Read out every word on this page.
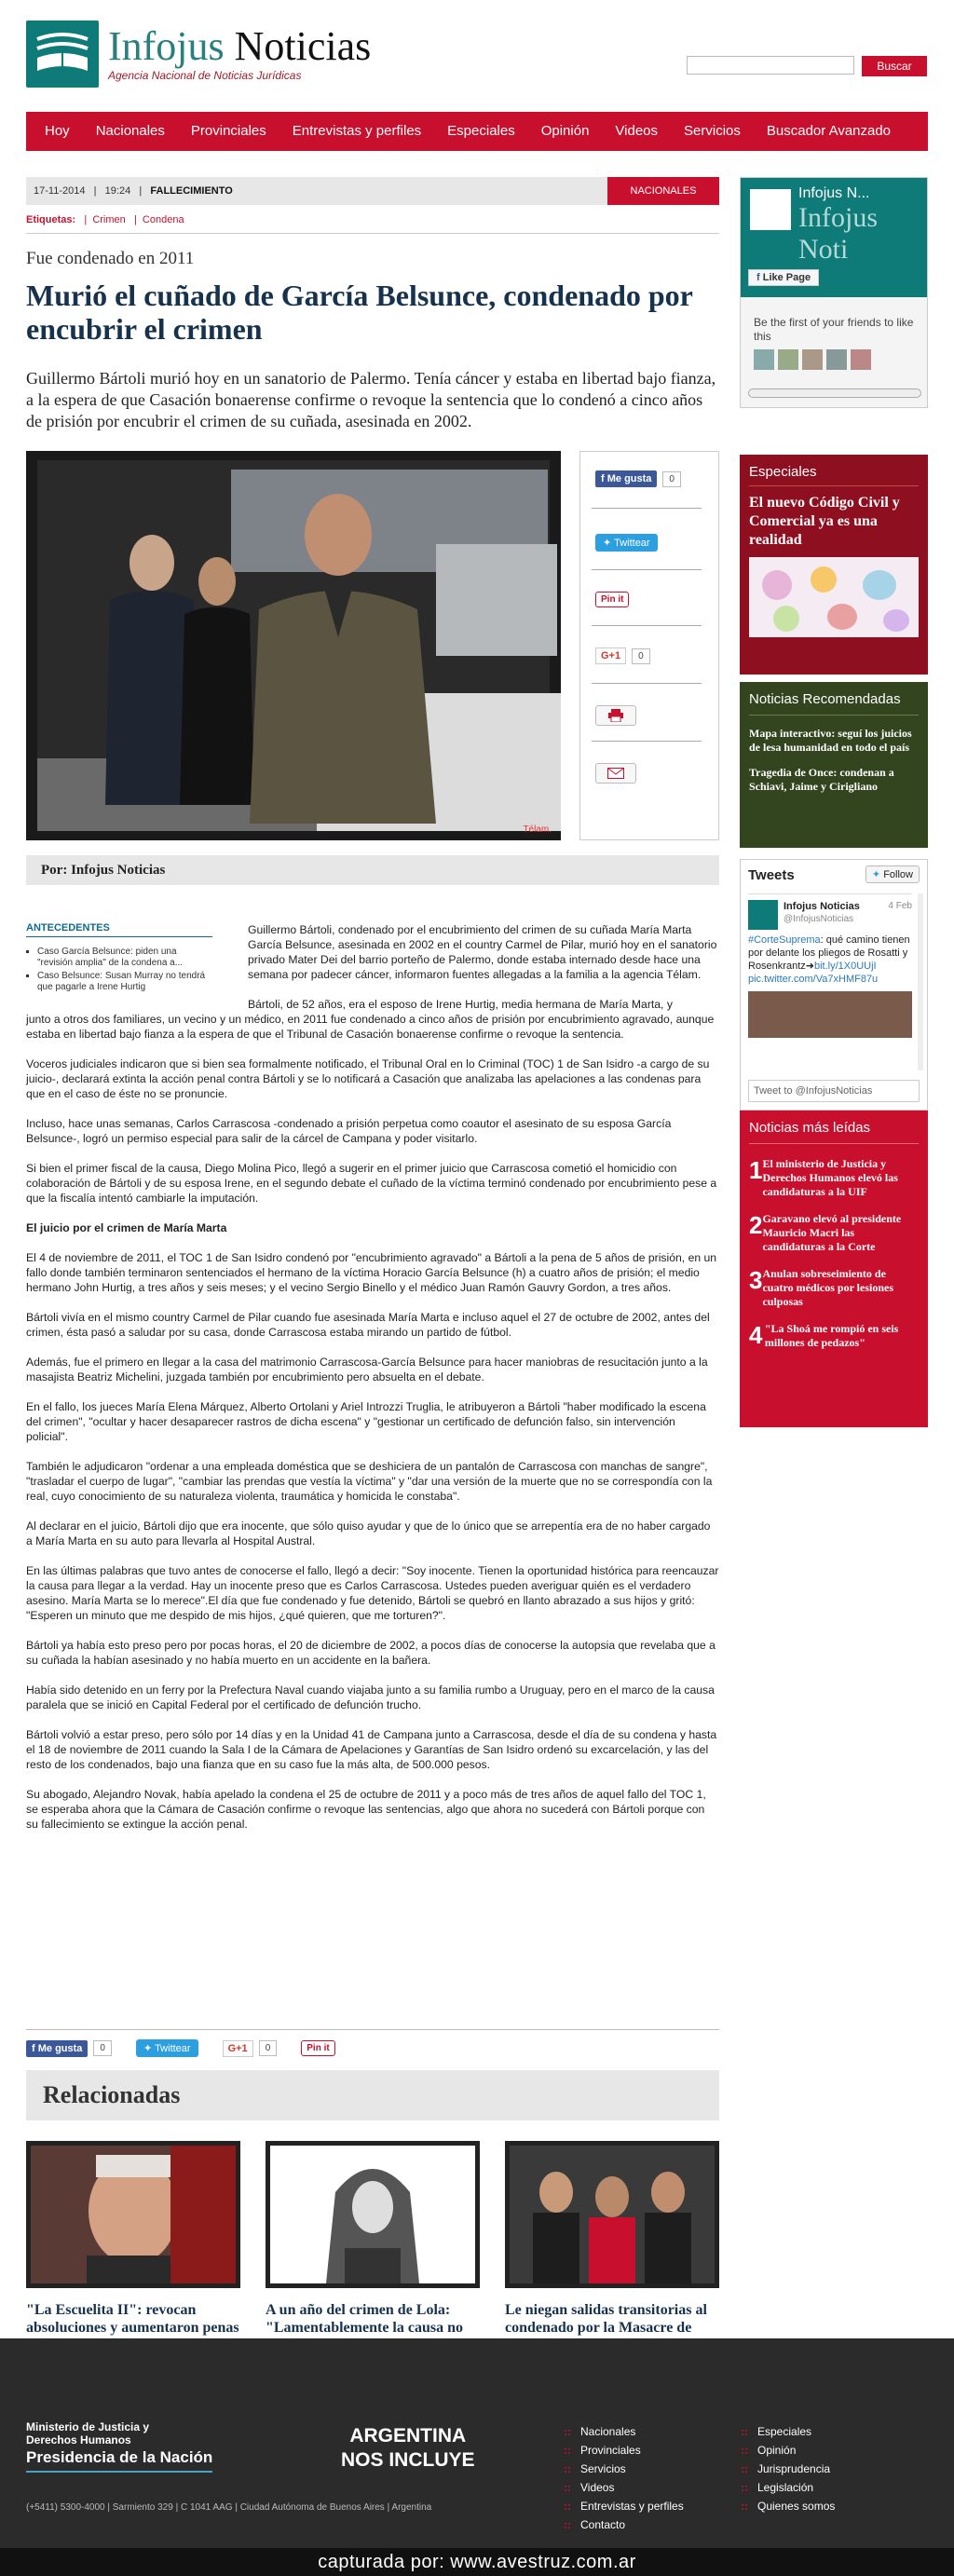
Infojus Noticias
Agencia Nacional de Noticias Jurídicas
Buscar
Hoy	Nacionales	Provinciales	Entrevistas y perfiles	Especiales	Opinión	Videos	Servicios	Buscador Avanzado
17-11-2014   |   19:24   |   FALLECIMIENTO	NACIONALES
Etiquetas:   |  Crimen   |  Condena
Fue condenado en 2011
Murió el cuñado de García Belsunce, condenado por encubrir el crimen
Guillermo Bártoli murió hoy en un sanatorio de Palermo. Tenía cáncer y estaba en libertad bajo fianza, a la espera de que Casación bonaerense confirme o revoque la sentencia que lo condenó a cinco años de prisión por encubrir el crimen de su cuñada, asesinada en 2002.
Télam.
f Me gusta	0
✦ Twittear
Pin it
G+1	0
Por: Infojus Noticias
ANTECEDENTES
▪ Caso García Belsunce: piden una "revisión amplia" de la condena a...
▪ Caso Belsunce: Susan Murray no tendrá que pagarle a Irene Hurtig

Guillermo Bártoli, condenado por el encubrimiento del crimen de su cuñada María Marta García Belsunce, asesinada en 2002 en el country Carmel de Pilar, murió hoy en el sanatorio privado Mater Dei del barrio porteño de Palermo, donde estaba internado desde hace una semana por padecer cáncer, informaron fuentes allegadas a la familia a la agencia Télam.

Bártoli, de 52 años, era el esposo de Irene Hurtig, media hermana de María Marta, y

junto a otros dos familiares, un vecino y un médico, en 2011 fue condenado a cinco años de prisión por encubrimiento agravado, aunque estaba en libertad bajo fianza a la espera de que el Tribunal de Casación bonaerense confirme o revoque la sentencia.

Voceros judiciales indicaron que si bien sea formalmente notificado, el Tribunal Oral en lo Criminal (TOC) 1 de San Isidro -a cargo de su juicio-, declarará extinta la acción penal contra Bártoli y se lo notificará a Casación que analizaba las apelaciones a las condenas para que en el caso de éste no se pronuncie.

Incluso, hace unas semanas, Carlos Carrascosa -condenado a prisión perpetua como coautor el asesinato de su esposa García Belsunce-, logró un permiso especial para salir de la cárcel de Campana y poder visitarlo.

Si bien el primer fiscal de la causa, Diego Molina Pico, llegó a sugerir en el primer juicio que Carrascosa cometió el homicidio con colaboración de Bártoli y de su esposa Irene, en el segundo debate el cuñado de la víctima terminó condenado por encubrimiento pese a que la fiscalía intentó cambiarle la imputación.

El juicio por el crimen de María Marta

El 4 de noviembre de 2011, el TOC 1 de San Isidro condenó por "encubrimiento agravado" a Bártoli a la pena de 5 años de prisión, en un fallo donde también terminaron sentenciados el hermano de la víctima Horacio García Belsunce (h) a cuatro años de prisión; el medio hermano John Hurtig, a tres años y seis meses; y el vecino Sergio Binello y el médico Juan Ramón Gauvry Gordon, a tres años.

Bártoli vivía en el mismo country Carmel de Pilar cuando fue asesinada María Marta e incluso aquel el 27 de octubre de 2002, antes del crimen, ésta pasó a saludar por su casa, donde Carrascosa estaba mirando un partido de fútbol.

Además, fue el primero en llegar a la casa del matrimonio Carrascosa-García Belsunce para hacer maniobras de resucitación junto a la masajista Beatriz Michelini, juzgada también por encubrimiento pero absuelta en el debate.

En el fallo, los jueces María Elena Márquez, Alberto Ortolani y Ariel Introzzi Truglia, le atribuyeron a Bártoli "haber modificado la escena del crimen", "ocultar y hacer desaparecer rastros de dicha escena" y "gestionar un certificado de defunción falso, sin intervención policial".

También le adjudicaron "ordenar a una empleada doméstica que se deshiciera de un pantalón de Carrascosa con manchas de sangre", "trasladar el cuerpo de lugar", "cambiar las prendas que vestía la víctima" y "dar una versión de la muerte que no se correspondía con la real, cuyo conocimiento de su naturaleza violenta, traumática y homicida le constaba".

Al declarar en el juicio, Bártoli dijo que era inocente, que sólo quiso ayudar y que de lo único que se arrepentía era de no haber cargado a María Marta en su auto para llevarla al Hospital Austral.

En las últimas palabras que tuvo antes de conocerse el fallo, llegó a decir: "Soy inocente. Tienen la oportunidad histórica para reencauzar la causa para llegar a la verdad. Hay un inocente preso que es Carlos Carrascosa. Ustedes pueden averiguar quién es el verdadero asesino. María Marta se lo merece".El día que fue condenado y fue detenido, Bártoli se quebró en llanto abrazado a sus hijos y gritó: "Esperen un minuto que me despido de mis hijos, ¿qué quieren, que me torturen?".

Bártoli ya había esto preso pero por pocas horas, el 20 de diciembre de 2002, a pocos días de conocerse la autopsia que revelaba que a su cuñada la habían asesinado y no había muerto en un accidente en la bañera.

Había sido detenido en un ferry por la Prefectura Naval cuando viajaba junto a su familia rumbo a Uruguay, pero en el marco de la causa paralela que se inició en Capital Federal por el certificado de defunción trucho.

Bártoli volvió a estar preso, pero sólo por 14 días y en la Unidad 41 de Campana junto a Carrascosa, desde el día de su condena y hasta el 18 de noviembre de 2011 cuando la Sala I de la Cámara de Apelaciones y Garantías de San Isidro ordenó su excarcelación, y las del resto de los condenados, bajo una fianza que en su caso fue la más alta, de 500.000 pesos.

Su abogado, Alejandro Novak, había apelado la condena el 25 de octubre de 2011 y a poco más de tres años de aquel fallo del TOC 1, se esperaba ahora que la Cámara de Casación confirme o revoque las sentencias, algo que ahora no sucederá con Bártoli porque con su fallecimiento se extingue la acción penal.

f Me gusta	0	✦ Twittear	G+1	0	Pin it
Relacionadas
"La Escuelita II": revocan absoluciones y aumentaron penas
A un año del crimen de Lola: "Lamentablemente la causa no
Le niegan salidas transitorias al condenado por la Masacre de
Infojus N...
Infojus Noti
f Like Page
Be the first of your friends to like this
Especiales
El nuevo Código Civil y Comercial ya es una realidad
Noticias Recomendadas
Mapa interactivo: seguí los juicios de lesa humanidad en todo el país
Tragedia de Once: condenan a Schiavi, Jaime y Cirigliano
Tweets	✦ Follow
Infojus Noticias
@InfojusNoticias
4 Feb
#CorteSuprema: qué camino tienen por delante los pliegos de Rosatti y Rosenkrantz➜bit.ly/1X0UUjI pic.twitter.com/Va7xHMF87u
Tweet to @InfojusNoticias
Noticias más leídas
1 El ministerio de Justicia y Derechos Humanos elevó las candidaturas a la UIF
2 Garavano elevó al presidente Mauricio Macri las candidaturas a la Corte
3 Anulan sobreseimiento de cuatro médicos por lesiones culposas
4 "La Shoá me rompió en seis millones de pedazos"
Ministerio de Justicia y Derechos Humanos
Presidencia de la Nación
(+5411) 5300-4000 | Sarmiento 329 | C 1041 AAG | Ciudad Autónoma de Buenos Aires | Argentina
ARGENTINA
NOS INCLUYE
:: Nacionales
:: Provinciales
:: Servicios
:: Videos
:: Entrevistas y perfiles
:: Contacto
:: Especiales
:: Opinión
:: Jurisprudencia
:: Legislación
:: Quienes somos
capturada por: www.avestruz.com.ar
